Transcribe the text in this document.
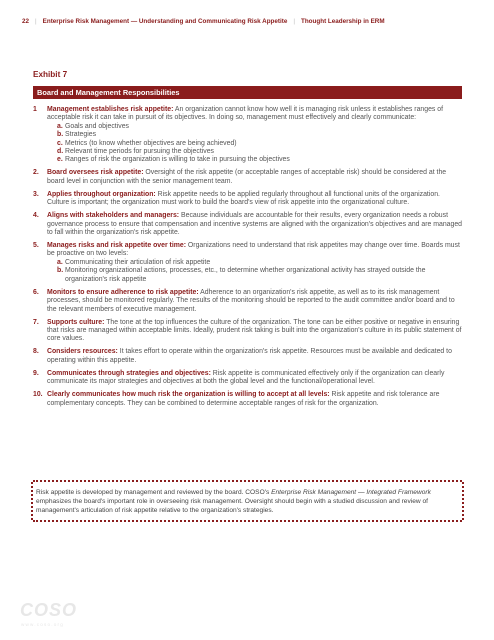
22 | Enterprise Risk Management — Understanding and Communicating Risk Appetite | Thought Leadership in ERM
Exhibit 7
Board and Management Responsibilities
1	Management establishes risk appetite: An organization cannot know how well it is managing risk unless it establishes ranges of acceptable risk it can take in pursuit of its objectives. In doing so, management must effectively and clearly communicate:
a. Goals and objectives
b. Strategies
c. Metrics (to know whether objectives are being achieved)
d. Relevant time periods for pursuing the objectives
e. Ranges of risk the organization is willing to take in pursuing the objectives
2.	Board oversees risk appetite: Oversight of the risk appetite (or acceptable ranges of acceptable risk) should be considered at the board level in conjunction with the senior management team.
3.	Applies throughout organization: Risk appetite needs to be applied regularly throughout all functional units of the organization. Culture is important; the organization must work to build the board's view of risk appetite into the organizational culture.
4.	Aligns with stakeholders and managers: Because individuals are accountable for their results, every organization needs a robust governance process to ensure that compensation and incentive systems are aligned with the organization's objectives and are managed to fall within the organization's risk appetite.
5.	Manages risks and risk appetite over time: Organizations need to understand that risk appetites may change over time. Boards must be proactive on two levels:
a. Communicating their articulation of risk appetite
b. Monitoring organizational actions, processes, etc., to determine whether organizational activity has strayed outside the organization's risk appetite
6.	Monitors to ensure adherence to risk appetite: Adherence to an organization's risk appetite, as well as to its risk management processes, should be monitored regularly. The results of the monitoring should be reported to the audit committee and/or board and to the relevant members of executive management.
7.	Supports culture: The tone at the top influences the culture of the organization. The tone can be either positive or negative in ensuring that risks are managed within acceptable limits. Ideally, prudent risk taking is built into the organization's culture in its public statement of core values.
8.	Considers resources: It takes effort to operate within the organization's risk appetite. Resources must be available and dedicated to operating within this appetite.
9.	Communicates through strategies and objectives: Risk appetite is communicated effectively only if the organization can clearly communicate its major strategies and objectives at both the global level and the functional/operational level.
10. Clearly communicates how much risk the organization is willing to accept at all levels: Risk appetite and risk tolerance are complementary concepts. They can be combined to determine acceptable ranges of risk for the organization.
Risk appetite is developed by management and reviewed by the board. COSO's Enterprise Risk Management — Integrated Framework emphasizes the board's important role in overseeing risk management. Oversight should begin with a studied discussion and review of management's articulation of risk appetite relative to the organization's strategies.
COSO
www.coso.org
